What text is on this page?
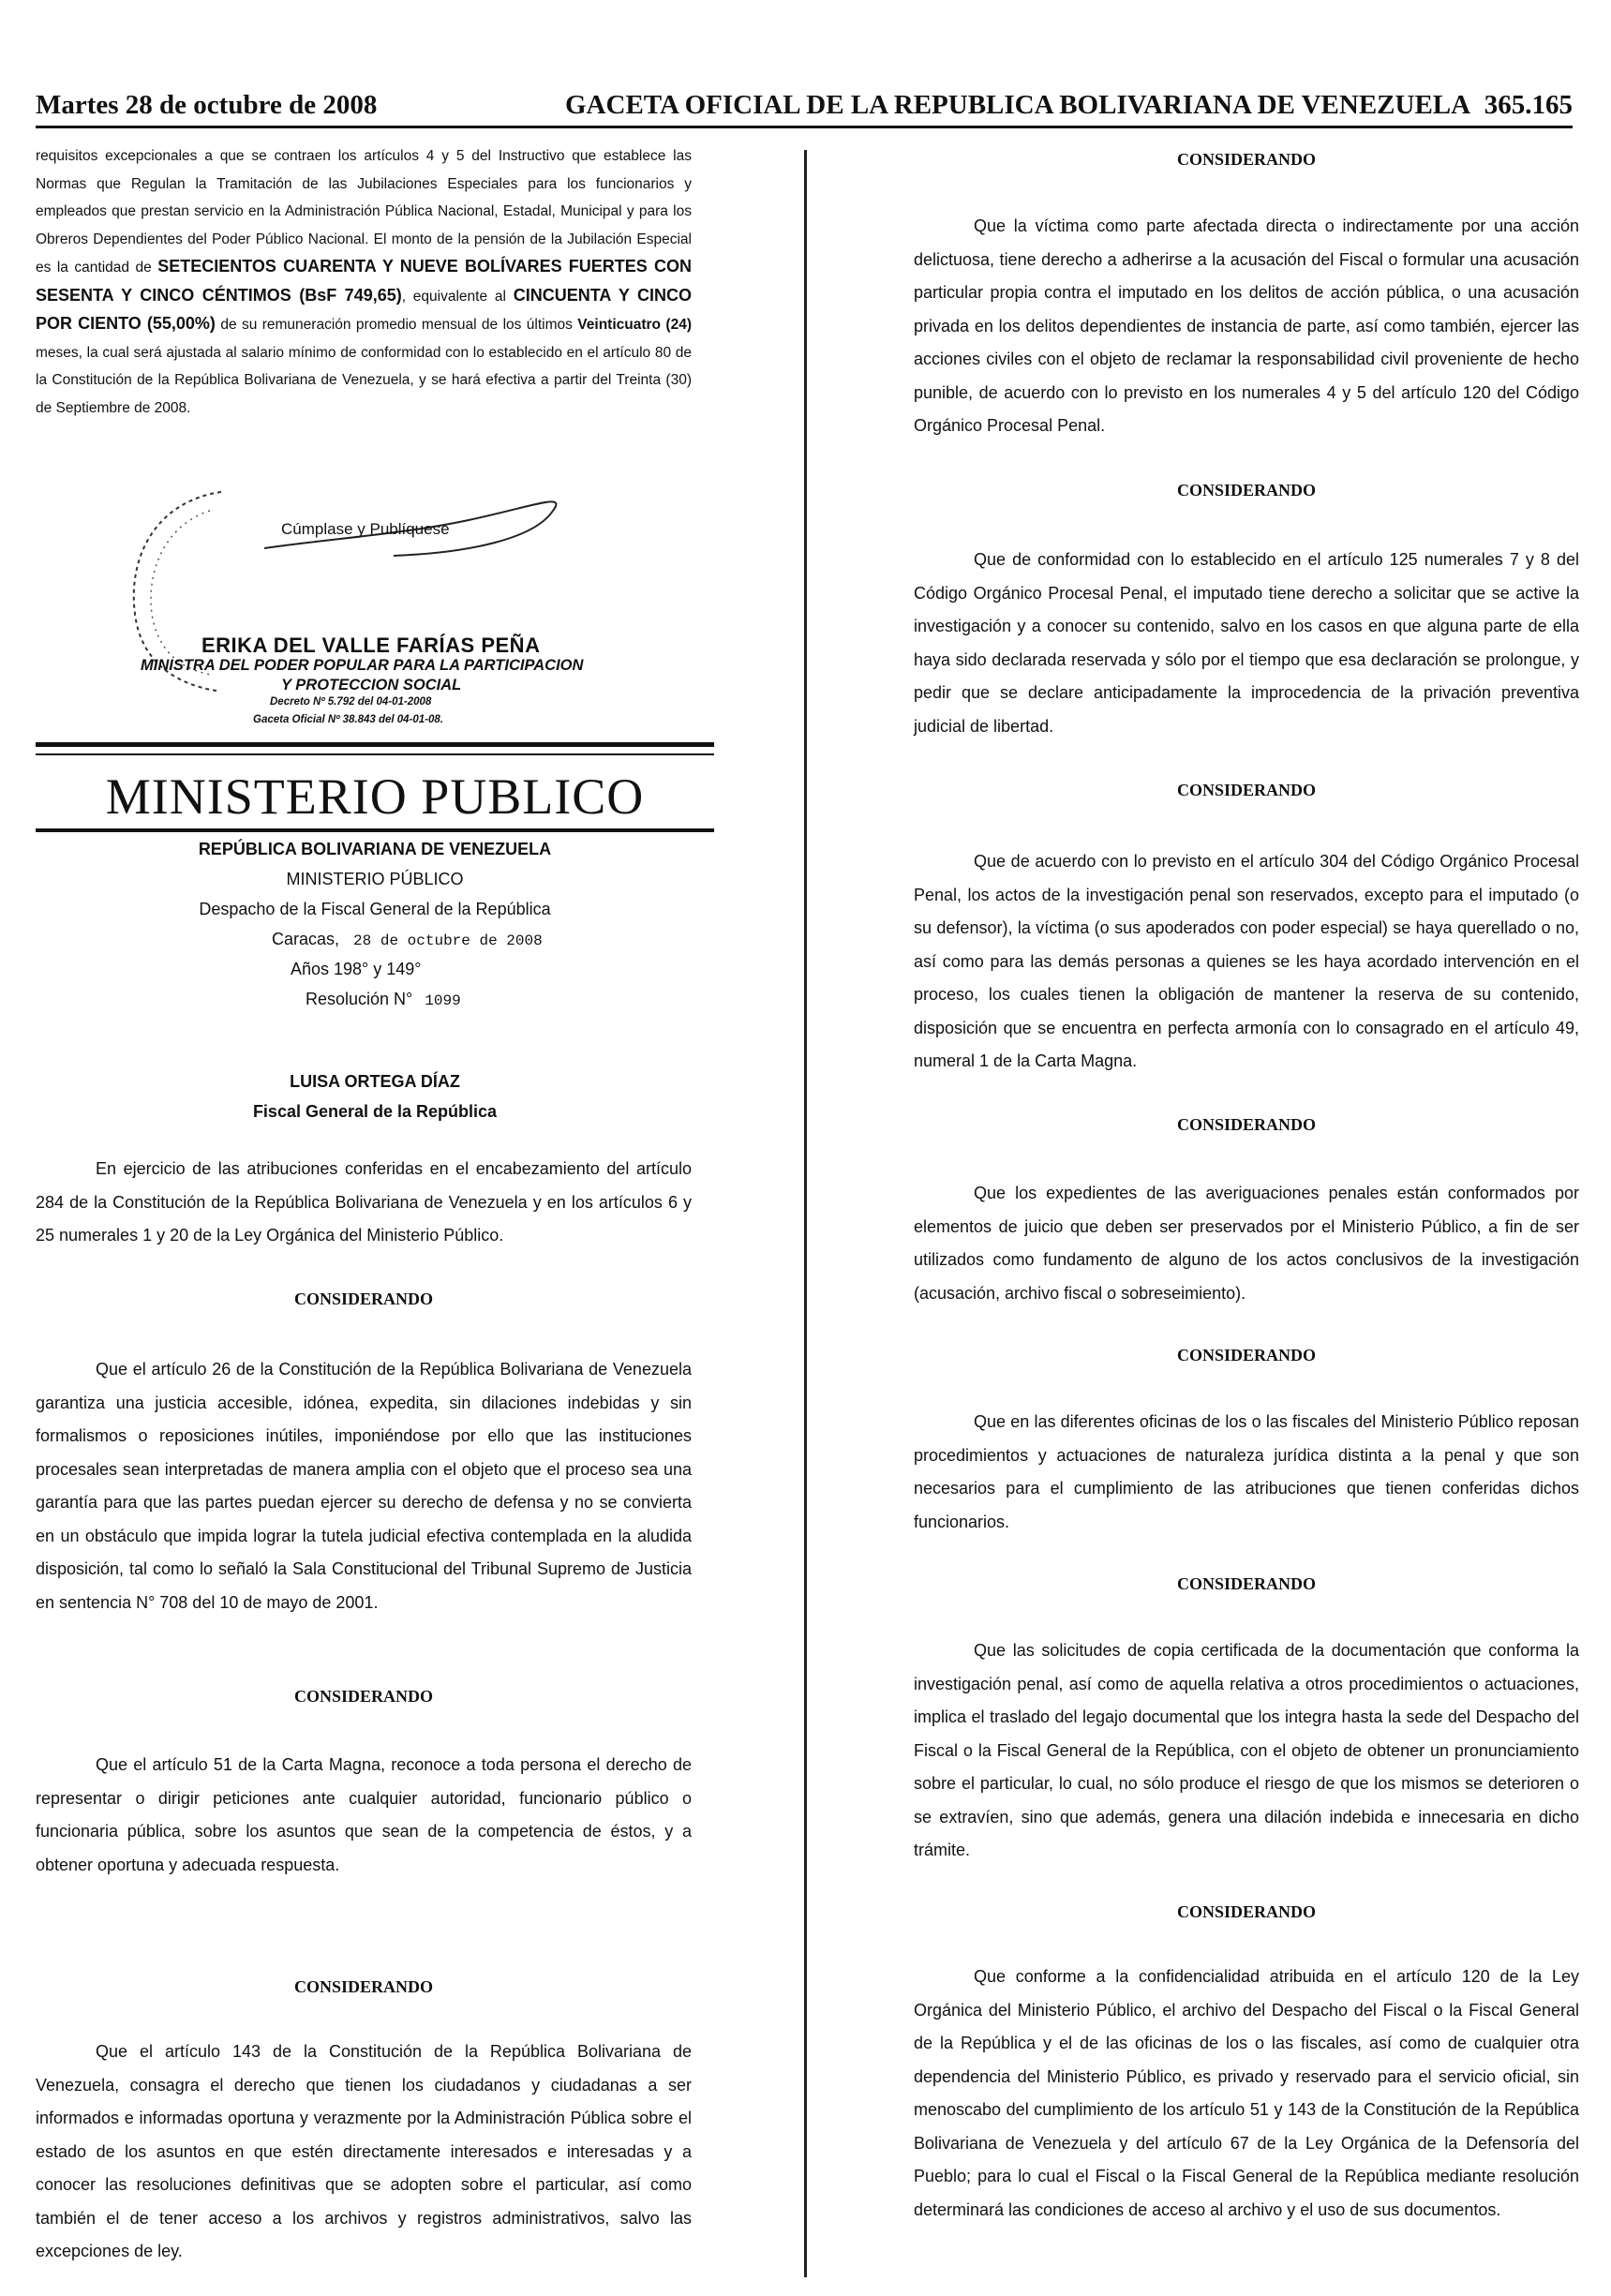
Martes 28 de octubre de 2008	GACETA OFICIAL DE LA REPUBLICA BOLIVARIANA DE VENEZUELA 365.165

requisitos excepcionales a que se contraen los artículos 4 y 5 del Instructivo que establece las Normas que Regulan la Tramitación de las Jubilaciones Especiales para los funcionarios y empleados que prestan servicio en la Administración Pública Nacional, Estadal, Municipal y para los Obreros Dependientes del Poder Público Nacional. El monto de la pensión de la Jubilación Especial es la cantidad de SETECIENTOS CUARENTA Y NUEVE BOLÍVARES FUERTES CON SESENTA Y CINCO CÉNTIMOS (BsF 749,65), equivalente al CINCUENTA Y CINCO POR CIENTO (55,00%) de su remuneración promedio mensual de los últimos Veinticuatro (24) meses, la cual será ajustada al salario mínimo de conformidad con lo establecido en el artículo 80 de la Constitución de la República Bolivariana de Venezuela, y se hará efectiva a partir del Treinta (30) de Septiembre de 2008.

Cúmplase y Publíquese
ERIKA DEL VALLE FARÍAS PEÑA
MINISTRA DEL PODER POPULAR PARA LA PARTICIPACION
Y PROTECCION SOCIAL
Decreto Nº 5.792 del 04-01-2008
Gaceta Oficial Nº 38.843 del 04-01-08.
MINISTERIO PUBLICO
REPÚBLICA BOLIVARIANA DE VENEZUELA
MINISTERIO PÚBLICO
Despacho de la Fiscal General de la República
Caracas, 28 de octubre de 2008
Años 198° y 149°
Resolución N° 1099
LUISA ORTEGA DÍAZ
Fiscal General de la República

En ejercicio de las atribuciones conferidas en el encabezamiento del artículo 284 de la Constitución de la República Bolivariana de Venezuela y en los artículos 6 y 25 numerales 1 y 20 de la Ley Orgánica del Ministerio Público.

CONSIDERANDO

Que el artículo 26 de la Constitución de la República Bolivariana de Venezuela garantiza una justicia accesible, idónea, expedita, sin dilaciones indebidas y sin formalismos o reposiciones inútiles, imponiéndose por ello que las instituciones procesales sean interpretadas de manera amplia con el objeto que el proceso sea una garantía para que las partes puedan ejercer su derecho de defensa y no se convierta en un obstáculo que impida lograr la tutela judicial efectiva contemplada en la aludida disposición, tal como lo señaló la Sala Constitucional del Tribunal Supremo de Justicia en sentencia N° 708 del 10 de mayo de 2001.

CONSIDERANDO

Que el artículo 51 de la Carta Magna, reconoce a toda persona el derecho de representar o dirigir peticiones ante cualquier autoridad, funcionario público o funcionaria pública, sobre los asuntos que sean de la competencia de éstos, y a obtener oportuna y adecuada respuesta.

CONSIDERANDO

Que el artículo 143 de la Constitución de la República Bolivariana de Venezuela, consagra el derecho que tienen los ciudadanos y ciudadanas a ser informados e informadas oportuna y verazmente por la Administración Pública sobre el estado de los asuntos en que estén directamente interesados e interesadas y a conocer las resoluciones definitivas que se adopten sobre el particular, así como también el de tener acceso a los archivos y registros administrativos, salvo las excepciones de ley.

CONSIDERANDO

Que la víctima como parte afectada directa o indirectamente por una acción delictuosa, tiene derecho a adherirse a la acusación del Fiscal o formular una acusación particular propia contra el imputado en los delitos de acción pública, o una acusación privada en los delitos dependientes de instancia de parte, así como también, ejercer las acciones civiles con el objeto de reclamar la responsabilidad civil proveniente de hecho punible, de acuerdo con lo previsto en los numerales 4 y 5 del artículo 120 del Código Orgánico Procesal Penal.

CONSIDERANDO

Que de conformidad con lo establecido en el artículo 125 numerales 7 y 8 del Código Orgánico Procesal Penal, el imputado tiene derecho a solicitar que se active la investigación y a conocer su contenido, salvo en los casos en que alguna parte de ella haya sido declarada reservada y sólo por el tiempo que esa declaración se prolongue, y pedir que se declare anticipadamente la improcedencia de la privación preventiva judicial de libertad.

CONSIDERANDO

Que de acuerdo con lo previsto en el artículo 304 del Código Orgánico Procesal Penal, los actos de la investigación penal son reservados, excepto para el imputado (o su defensor), la víctima (o sus apoderados con poder especial) se haya querellado o no, así como para las demás personas a quienes se les haya acordado intervención en el proceso, los cuales tienen la obligación de mantener la reserva de su contenido, disposición que se encuentra en perfecta armonía con lo consagrado en el artículo 49, numeral 1 de la Carta Magna.

CONSIDERANDO

Que los expedientes de las averiguaciones penales están conformados por elementos de juicio que deben ser preservados por el Ministerio Público, a fin de ser utilizados como fundamento de alguno de los actos conclusivos de la investigación (acusación, archivo fiscal o sobreseimiento).

CONSIDERANDO

Que en las diferentes oficinas de los o las fiscales del Ministerio Público reposan procedimientos y actuaciones de naturaleza jurídica distinta a la penal y que son necesarios para el cumplimiento de las atribuciones que tienen conferidas dichos funcionarios.

CONSIDERANDO

Que las solicitudes de copia certificada de la documentación que conforma la investigación penal, así como de aquella relativa a otros procedimientos o actuaciones, implica el traslado del legajo documental que los integra hasta la sede del Despacho del Fiscal o la Fiscal General de la República, con el objeto de obtener un pronunciamiento sobre el particular, lo cual, no sólo produce el riesgo de que los mismos se deterioren o se extravíen, sino que además, genera una dilación indebida e innecesaria en dicho trámite.

CONSIDERANDO

Que conforme a la confidencialidad atribuida en el artículo 120 de la Ley Orgánica del Ministerio Público, el archivo del Despacho del Fiscal o la Fiscal General de la República y el de las oficinas de los o las fiscales, así como de cualquier otra dependencia del Ministerio Público, es privado y reservado para el servicio oficial, sin menoscabo del cumplimiento de los artículo 51 y 143 de la Constitución de la República Bolivariana de Venezuela y del artículo 67 de la Ley Orgánica de la Defensoría del Pueblo; para lo cual el Fiscal o la Fiscal General de la República mediante resolución determinará las condiciones de acceso al archivo y el uso de sus documentos.
